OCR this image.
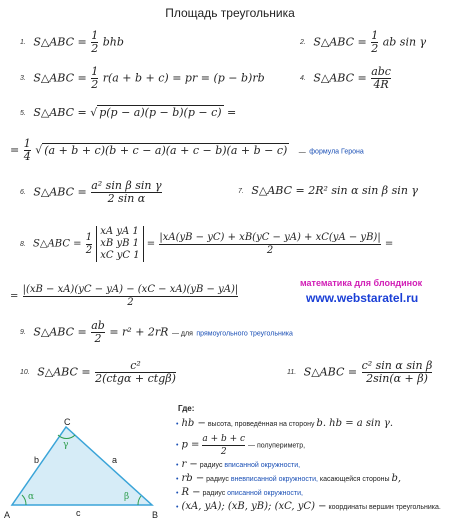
Площадь треугольника
1. S△ABC = $\frac{1}{2}$ bhb	2. S△ABC = $\frac{1}{2}$ ab sin γ
3. S△ABC = $\frac{1}{2} r(a + b + c)$ = pr = (p − b)rb	4. S△ABC = $\frac{\text{abc}}{4R}$
5. S△ABC = √ p(p − a)(p − b)(p − c) =
= $\frac{1}{4}$ √ (a + b + c)(b + c − a)(a + c − b)(a + b − c) — формула Герона
6. S△ABC = $\frac{\text{a² sin β sin γ}}{\text{2 sin α}}$	7. S△ABC = 2R² sin α sin β sin γ
8. S△ABC = $\frac{1}{2}$
xA yA 1
xB yB 1
xC yC 1
= $\frac{|xA(yB - yC) + xB(yC - yA) + xC(yA - yB)|}{2}$ =
= $\frac{|(xB - xA)(yC - yA) - (xC - xA)(yB - yA)|}{2}$
математика для блондинок
www.webstaratel.ru
9. S△ABC = $\frac{ab}{2} = r^2 + 2rR$ — для прямоугольного треугольника
10. S△ABC = $\frac{\text{c²}}{\text{2(ctgα + ctgβ)}}$	11. S△ABC = $\frac{\text{c² sin α sin β}}{2\sin(\alpha + \beta)}$
A	B
C
b	a
c
α	β
γ
Где:
• hb − высота, проведённая на сторону b. hb = a sin γ.
• $p = \frac{a + b + c}{2}$ — полупериметр,
• r − радиус вписанной окружности,
• rb − радиус вневписанной окружности, касающейся стороны b,
• R − радиус описанной окружности,
• (xA, yA); (xB, yB); (xC, yC) − координаты вершин треугольника.
